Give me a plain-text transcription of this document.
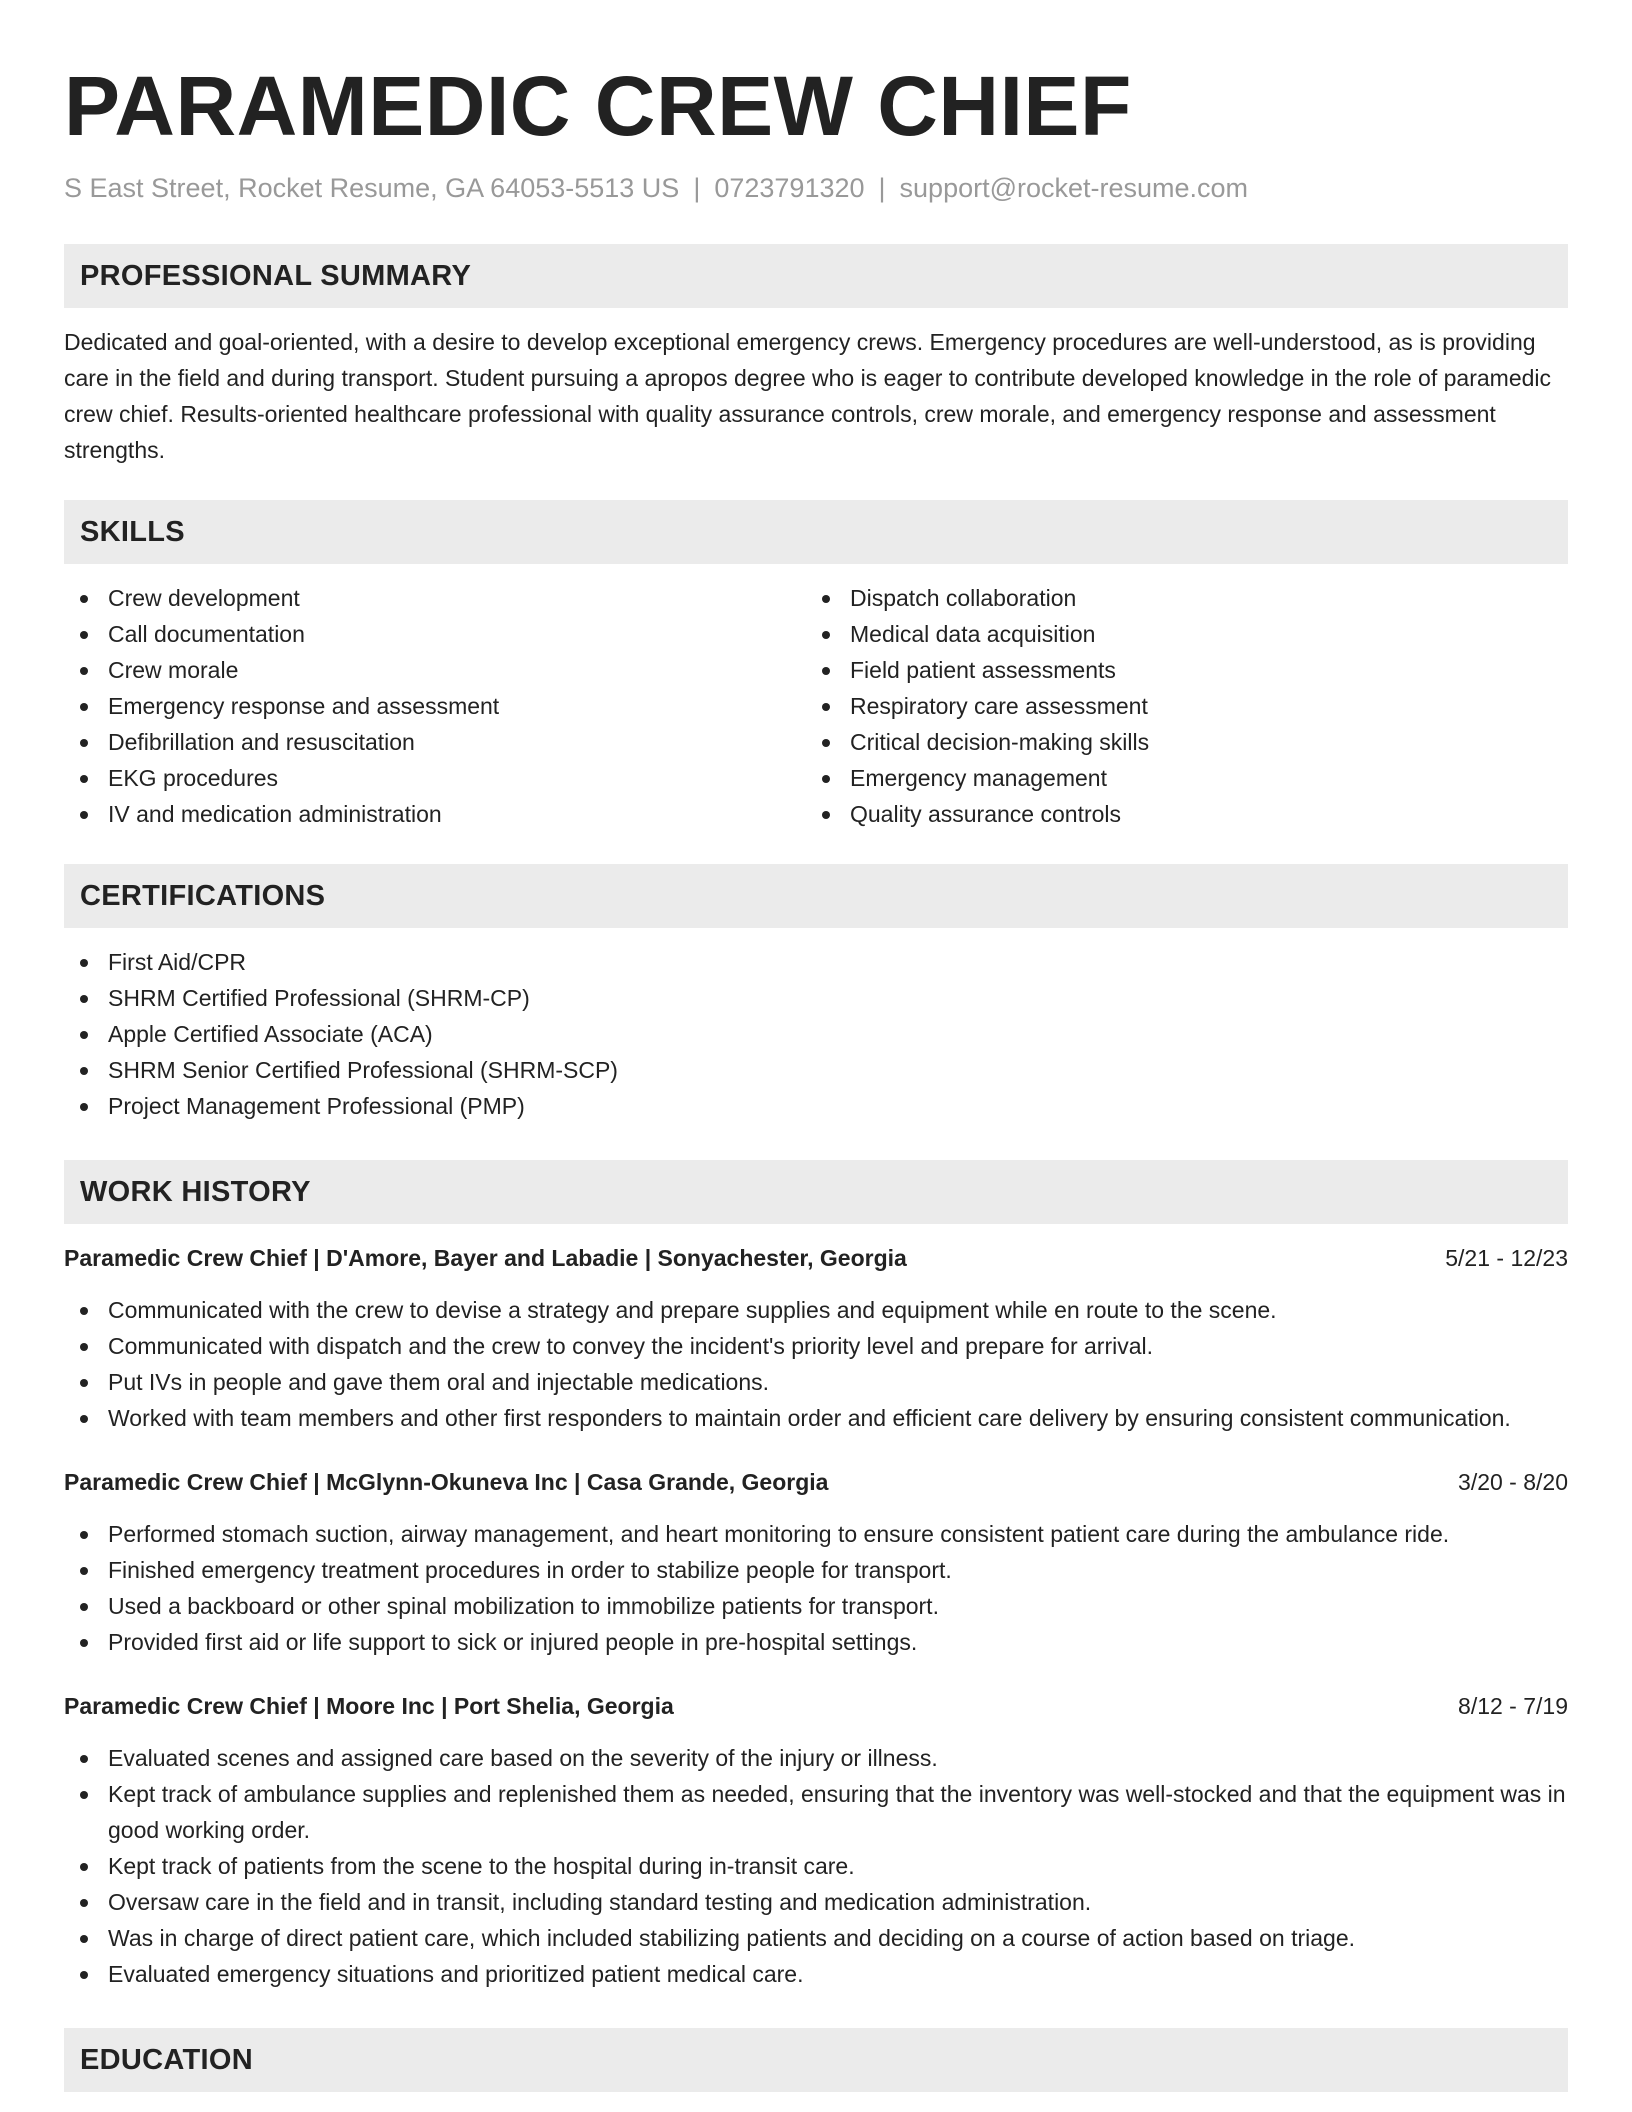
PARAMEDIC CREW CHIEF
S East Street, Rocket Resume, GA 64053-5513 US | 0723791320 | support@rocket-resume.com
PROFESSIONAL SUMMARY
Dedicated and goal-oriented, with a desire to develop exceptional emergency crews. Emergency procedures are well-understood, as is providing care in the field and during transport. Student pursuing a apropos degree who is eager to contribute developed knowledge in the role of paramedic crew chief. Results-oriented healthcare professional with quality assurance controls, crew morale, and emergency response and assessment strengths.
SKILLS
Crew development
Call documentation
Crew morale
Emergency response and assessment
Defibrillation and resuscitation
EKG procedures
IV and medication administration
Dispatch collaboration
Medical data acquisition
Field patient assessments
Respiratory care assessment
Critical decision-making skills
Emergency management
Quality assurance controls
CERTIFICATIONS
First Aid/CPR
SHRM Certified Professional (SHRM-CP)
Apple Certified Associate (ACA)
SHRM Senior Certified Professional (SHRM-SCP)
Project Management Professional (PMP)
WORK HISTORY
Paramedic Crew Chief | D'Amore, Bayer and Labadie | Sonyachester, Georgia	5/21 - 12/23
Communicated with the crew to devise a strategy and prepare supplies and equipment while en route to the scene.
Communicated with dispatch and the crew to convey the incident's priority level and prepare for arrival.
Put IVs in people and gave them oral and injectable medications.
Worked with team members and other first responders to maintain order and efficient care delivery by ensuring consistent communication.
Paramedic Crew Chief | McGlynn-Okuneva Inc | Casa Grande, Georgia	3/20 - 8/20
Performed stomach suction, airway management, and heart monitoring to ensure consistent patient care during the ambulance ride.
Finished emergency treatment procedures in order to stabilize people for transport.
Used a backboard or other spinal mobilization to immobilize patients for transport.
Provided first aid or life support to sick or injured people in pre-hospital settings.
Paramedic Crew Chief | Moore Inc | Port Shelia, Georgia	8/12 - 7/19
Evaluated scenes and assigned care based on the severity of the injury or illness.
Kept track of ambulance supplies and replenished them as needed, ensuring that the inventory was well-stocked and that the equipment was in good working order.
Kept track of patients from the scene to the hospital during in-transit care.
Oversaw care in the field and in transit, including standard testing and medication administration.
Was in charge of direct patient care, which included stabilizing patients and deciding on a course of action based on triage.
Evaluated emergency situations and prioritized patient medical care.
EDUCATION
